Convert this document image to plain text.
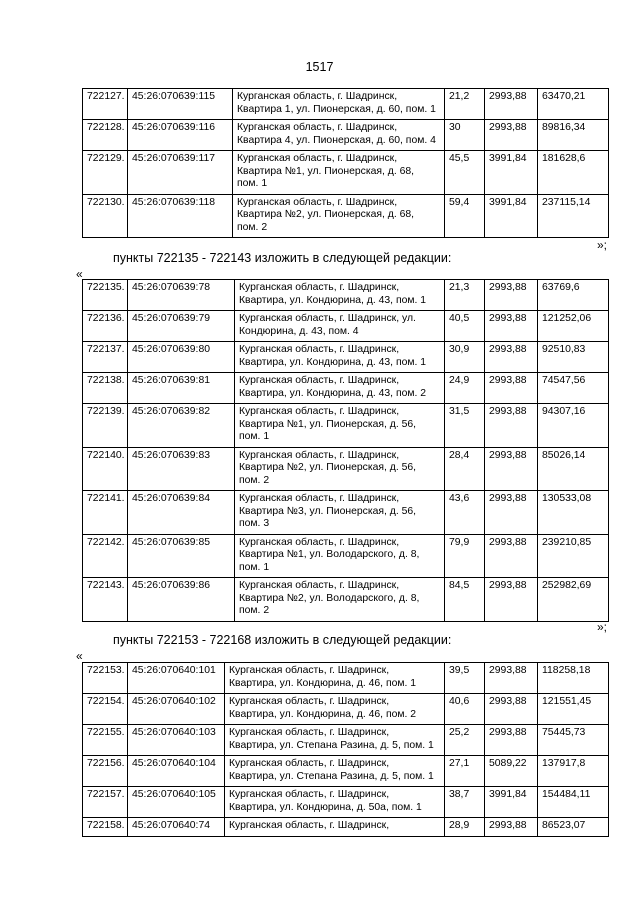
1517
722127.	45:26:070639:115	Курганская область, г. Шадринск,
Квартира 1, ул. Пионерская, д. 60, пом. 1	21,2	2993,88	63470,21
722128.	45:26:070639:116	Курганская область, г. Шадринск,
Квартира 4, ул. Пионерская, д. 60, пом. 4	30	2993,88	89816,34
722129.	45:26:070639:117	Курганская область, г. Шадринск,
Квартира №1, ул. Пионерская, д. 68,
пом. 1	45,5	3991,84	181628,6
722130.	45:26:070639:118	Курганская область, г. Шадринск,
Квартира №2, ул. Пионерская, д. 68,
пом. 2	59,4	3991,84	237115,14
»;
пункты 722135 - 722143 изложить в следующей редакции:
«
722135.	45:26:070639:78	Курганская область, г. Шадринск,
Квартира, ул. Кондюрина, д. 43, пом. 1	21,3	2993,88	63769,6
722136.	45:26:070639:79	Курганская область, г. Шадринск, ул.
Кондюрина, д. 43, пом. 4	40,5	2993,88	121252,06
722137.	45:26:070639:80	Курганская область, г. Шадринск,
Квартира, ул. Кондюрина, д. 43, пом. 1	30,9	2993,88	92510,83
722138.	45:26:070639:81	Курганская область, г. Шадринск,
Квартира, ул. Кондюрина, д. 43, пом. 2	24,9	2993,88	74547,56
722139.	45:26:070639:82	Курганская область, г. Шадринск,
Квартира №1, ул. Пионерская, д. 56,
пом. 1	31,5	2993,88	94307,16
722140.	45:26:070639:83	Курганская область, г. Шадринск,
Квартира №2, ул. Пионерская, д. 56,
пом. 2	28,4	2993,88	85026,14
722141.	45:26:070639:84	Курганская область, г. Шадринск,
Квартира №3, ул. Пионерская, д. 56,
пом. 3	43,6	2993,88	130533,08
722142.	45:26:070639:85	Курганская область, г. Шадринск,
Квартира №1, ул. Володарского, д. 8,
пом. 1	79,9	2993,88	239210,85
722143.	45:26:070639:86	Курганская область, г. Шадринск,
Квартира №2, ул. Володарского, д. 8,
пом. 2	84,5	2993,88	252982,69
»;
пункты 722153 - 722168 изложить в следующей редакции:
«
722153.	45:26:070640:101	Курганская область, г. Шадринск,
Квартира, ул. Кондюрина, д. 46, пом. 1	39,5	2993,88	118258,18
722154.	45:26:070640:102	Курганская область, г. Шадринск,
Квартира, ул. Кондюрина, д. 46, пом. 2	40,6	2993,88	121551,45
722155.	45:26:070640:103	Курганская область, г. Шадринск,
Квартира, ул. Степана Разина, д. 5, пом. 1	25,2	2993,88	75445,73
722156.	45:26:070640:104	Курганская область, г. Шадринск,
Квартира, ул. Степана Разина, д. 5, пом. 1	27,1	5089,22	137917,8
722157.	45:26:070640:105	Курганская область, г. Шадринск,
Квартира, ул. Кондюрина, д. 50а, пом. 1	38,7	3991,84	154484,11
722158.	45:26:070640:74	Курганская область, г. Шадринск,	28,9	2993,88	86523,07
